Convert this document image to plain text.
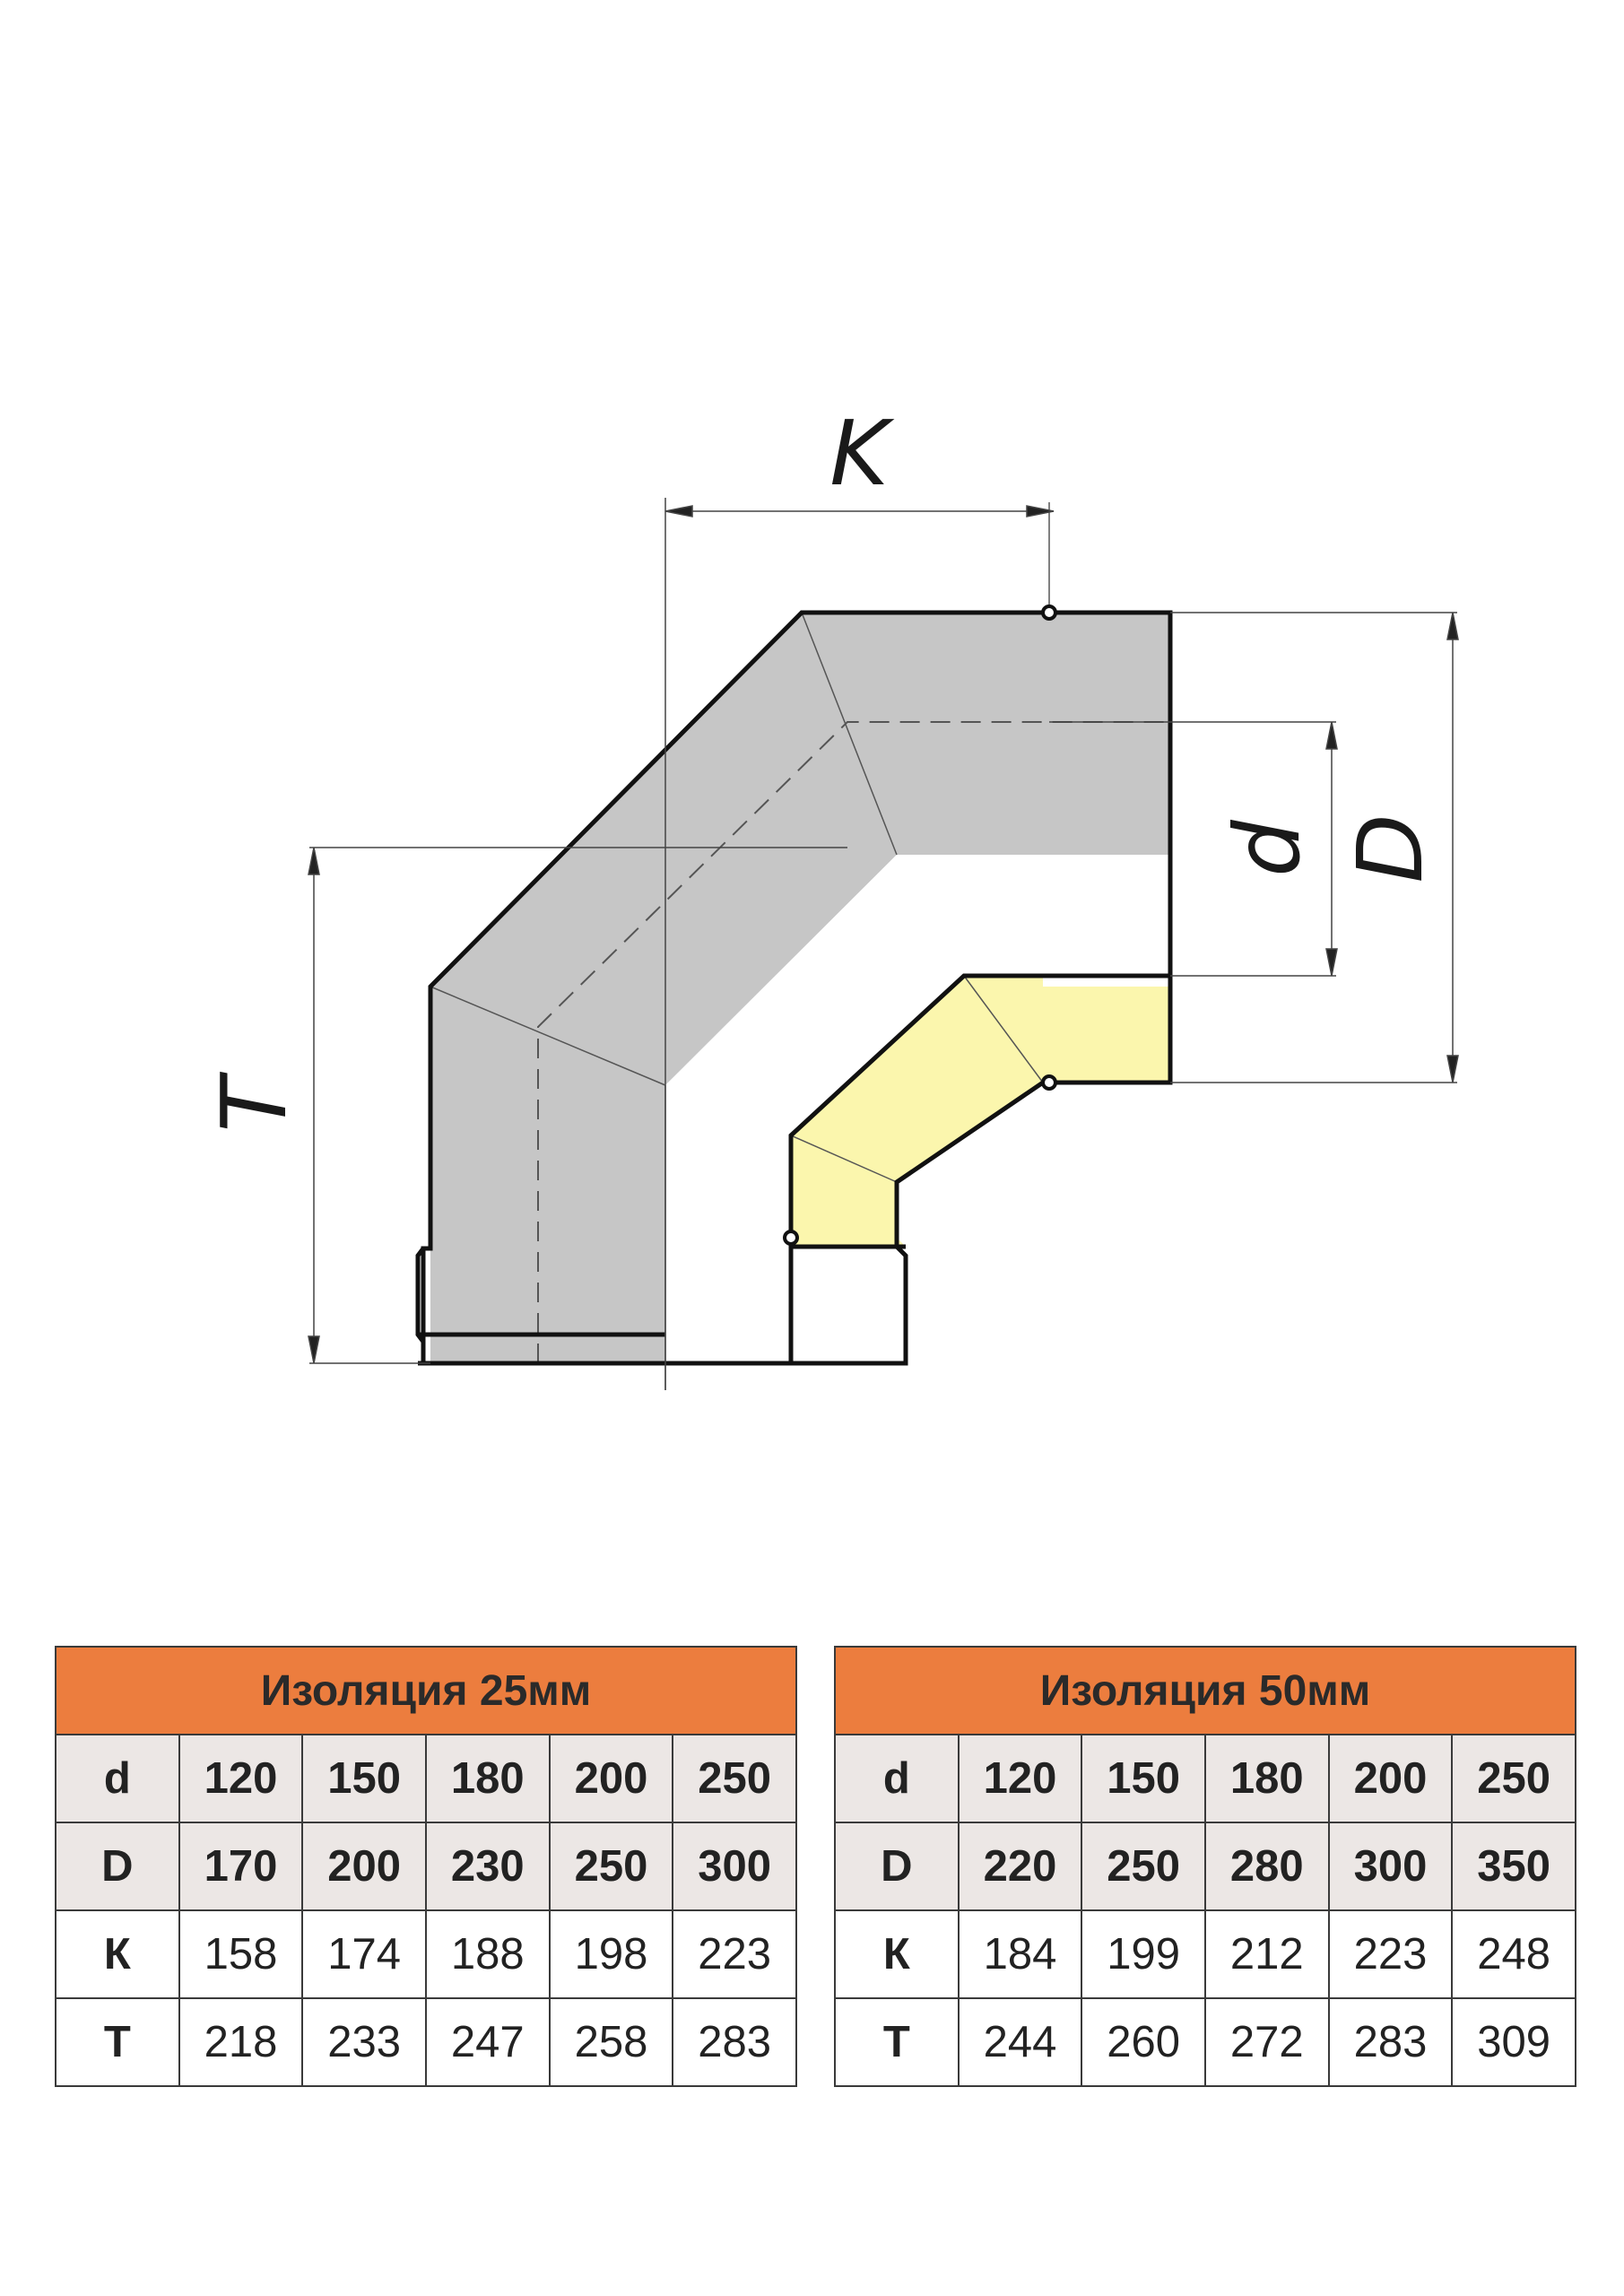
K
T
d D
Изоляция 25мм					
d	120	150	180	200	250
D	170	200	230	250	300
К	158	174	188	198	223
Т	218	233	247	258	283
Изоляция 50мм					
d	120	150	180	200	250
D	220	250	280	300	350
К	184	199	212	223	248
Т	244	260	272	283	309
